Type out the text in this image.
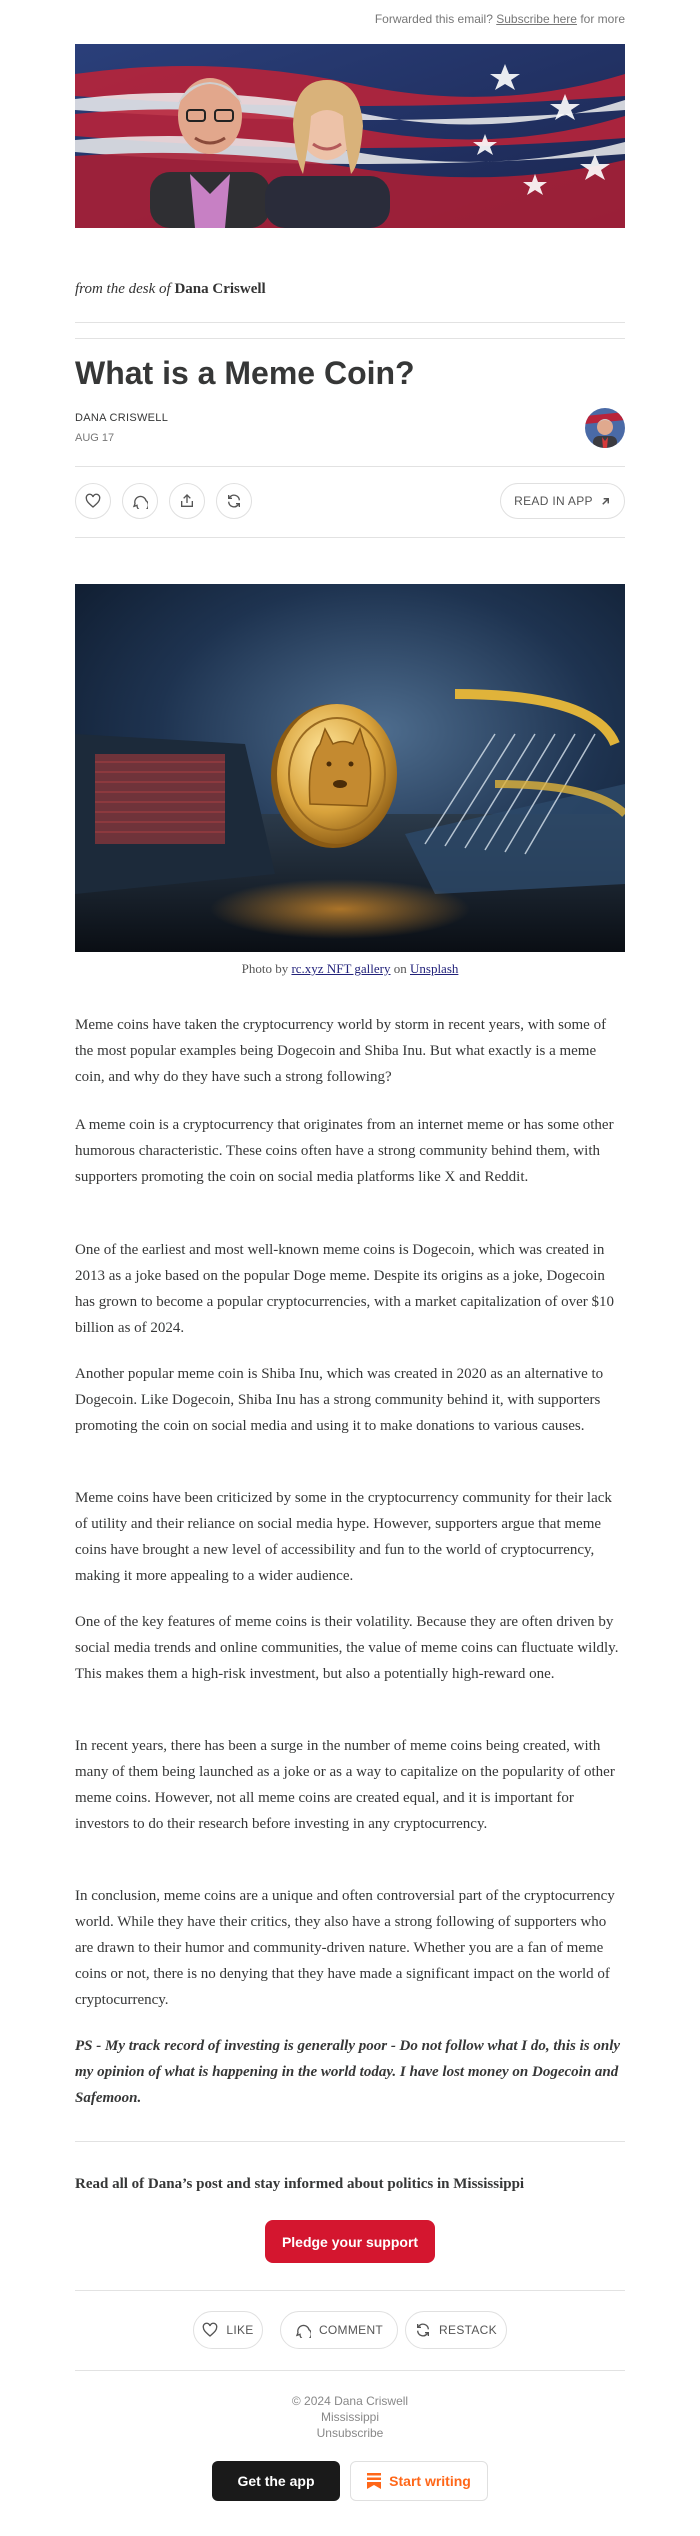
Forwarded this email? Subscribe here for more
from the desk of Dana Criswell
What is a Meme Coin?
DANA CRISWELL
AUG 17
READ IN APP
Photo by rc.xyz NFT gallery on Unsplash

Meme coins have taken the cryptocurrency world by storm in recent years, with some of the most popular examples being Dogecoin and Shiba Inu. But what exactly is a meme coin, and why do they have such a strong following?

A meme coin is a cryptocurrency that originates from an internet meme or has some other humorous characteristic. These coins often have a strong community behind them, with supporters promoting the coin on social media platforms like X and Reddit.

One of the earliest and most well-known meme coins is Dogecoin, which was created in 2013 as a joke based on the popular Doge meme. Despite its origins as a joke, Dogecoin has grown to become a popular cryptocurrencies, with a market capitalization of over $10 billion as of 2024.

Another popular meme coin is Shiba Inu, which was created in 2020 as an alternative to Dogecoin. Like Dogecoin, Shiba Inu has a strong community behind it, with supporters promoting the coin on social media and using it to make donations to various causes.

Meme coins have been criticized by some in the cryptocurrency community for their lack of utility and their reliance on social media hype. However, supporters argue that meme coins have brought a new level of accessibility and fun to the world of cryptocurrency, making it more appealing to a wider audience.

One of the key features of meme coins is their volatility. Because they are often driven by social media trends and online communities, the value of meme coins can fluctuate wildly. This makes them a high-risk investment, but also a potentially high-reward one.

In recent years, there has been a surge in the number of meme coins being created, with many of them being launched as a joke or as a way to capitalize on the popularity of other meme coins. However, not all meme coins are created equal, and it is important for investors to do their research before investing in any cryptocurrency.

In conclusion, meme coins are a unique and often controversial part of the cryptocurrency world. While they have their critics, they also have a strong following of supporters who are drawn to their humor and community-driven nature. Whether you are a fan of meme coins or not, there is no denying that they have made a significant impact on the world of cryptocurrency.

PS - My track record of investing is generally poor - Do not follow what I do, this is only my opinion of what is happening in the world today. I have lost money on Dogecoin and Safemoon.

Read all of Dana’s post and stay informed about politics in Mississippi
Pledge your support
LIKE	COMMENT	RESTACK
© 2024 Dana Criswell
Mississippi
Unsubscribe
Get the app	Start writing
